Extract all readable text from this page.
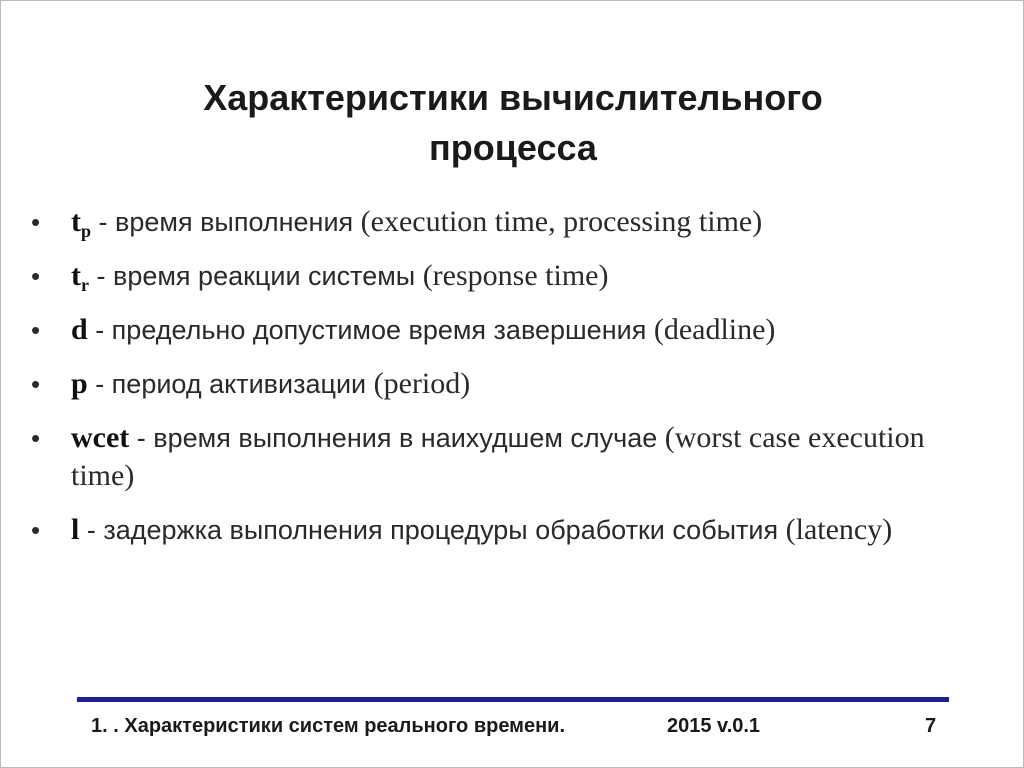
Характеристики вычислительного
процесса
• $t_p$ - время выполнения (execution time, processing time)
• $t_r$ - время реакции системы (response time)
• d - предельно допустимое время завершения (deadline)
• p - период активизации (period)
• wcet - время выполнения в наихудшем случае (worst case execution time)
• l - задержка выполнения процедуры обработки события (latency)
1. . Характеристики систем реального времени.	2015 v.0.1	7
